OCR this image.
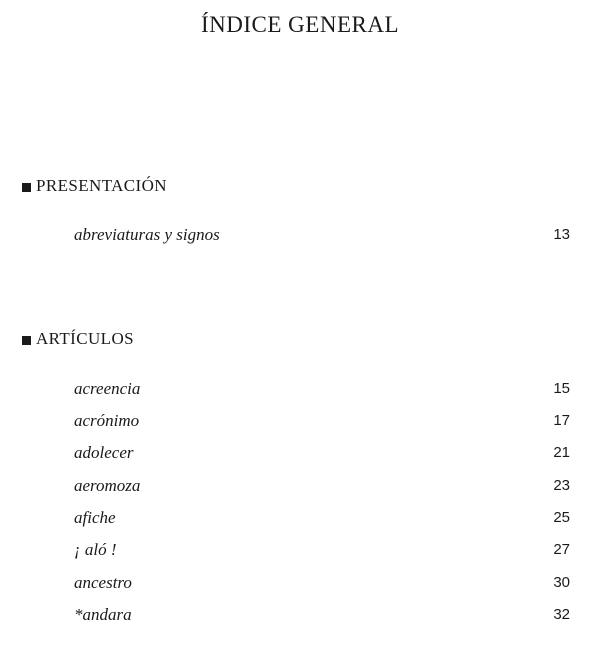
ÍNDICE GENERAL
PRESENTACIÓN
abreviaturas y signos	13
ARTÍCULOS
acreencia	15
acrónimo	17
adolecer	21
aeromoza	23
afiche	25
¡ aló !	27
ancestro	30
*andara	32
